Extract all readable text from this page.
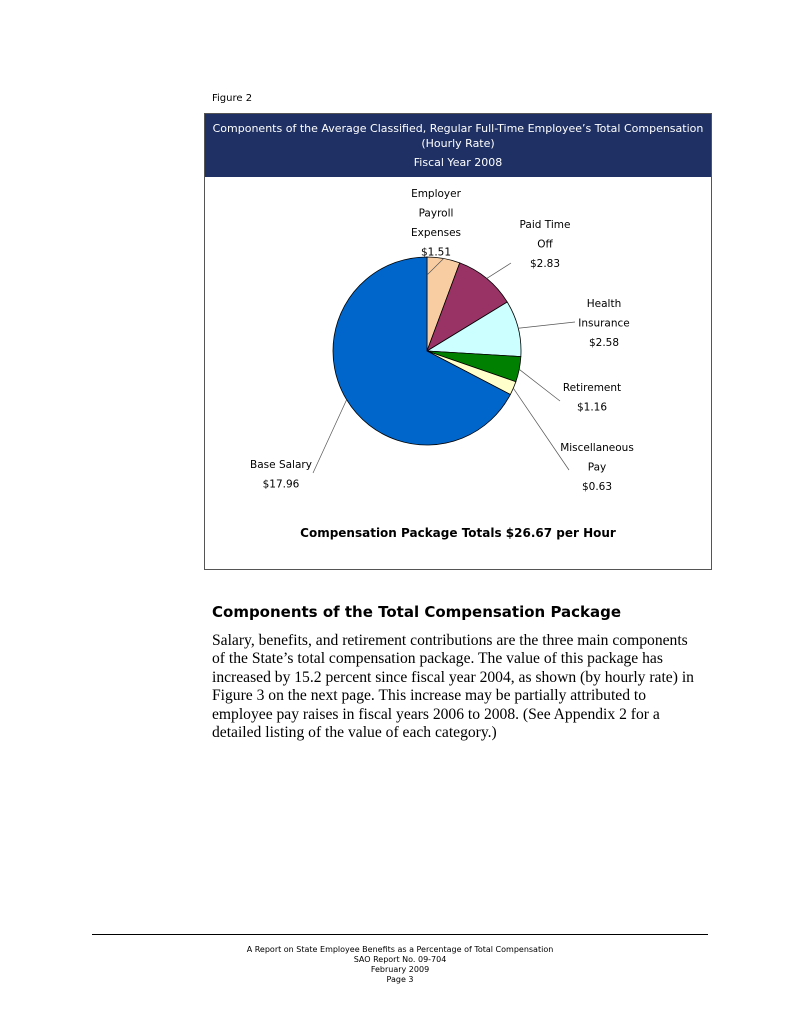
Figure 2
Components of the Average Classified, Regular Full-Time Employee’s Total Compensation
(Hourly Rate)
Fiscal Year 2008
Employer
Payroll
Expenses
$1.51
Paid Time
Off
$2.83
Health
Insurance
$2.58
Retirement
$1.16
Miscellaneous
Pay
$0.63
Base Salary
$17.96
Compensation Package Totals $26.67 per Hour
Components of the Total Compensation Package
Salary, benefits, and retirement contributions are the three main components
of the State’s total compensation package. The value of this package has
increased by 15.2 percent since fiscal year 2004, as shown (by hourly rate) in
Figure 3 on the next page. This increase may be partially attributed to
employee pay raises in fiscal years 2006 to 2008. (See Appendix 2 for a
detailed listing of the value of each category.)
A Report on State Employee Benefits as a Percentage of Total Compensation
SAO Report No. 09-704
February 2009
Page 3
